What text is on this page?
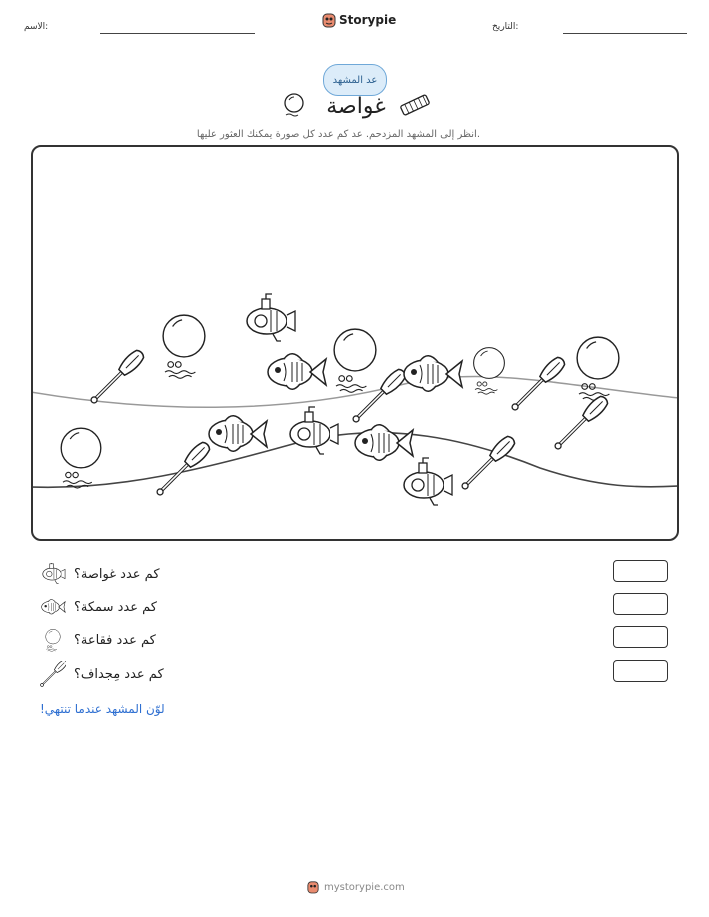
الاسم:	Storypie	التاريخ:
عد المشهد
غواصة
انظر إلى المشهد المزدحم. عد كم عدد كل صورة يمكنك العثور عليها.
كم عدد غواصة؟
كم عدد سمكة؟
كم عدد فقاعة؟
كم عدد مِجداف؟
لوّن المشهد عندما تنتهي!
mystorypie.com
